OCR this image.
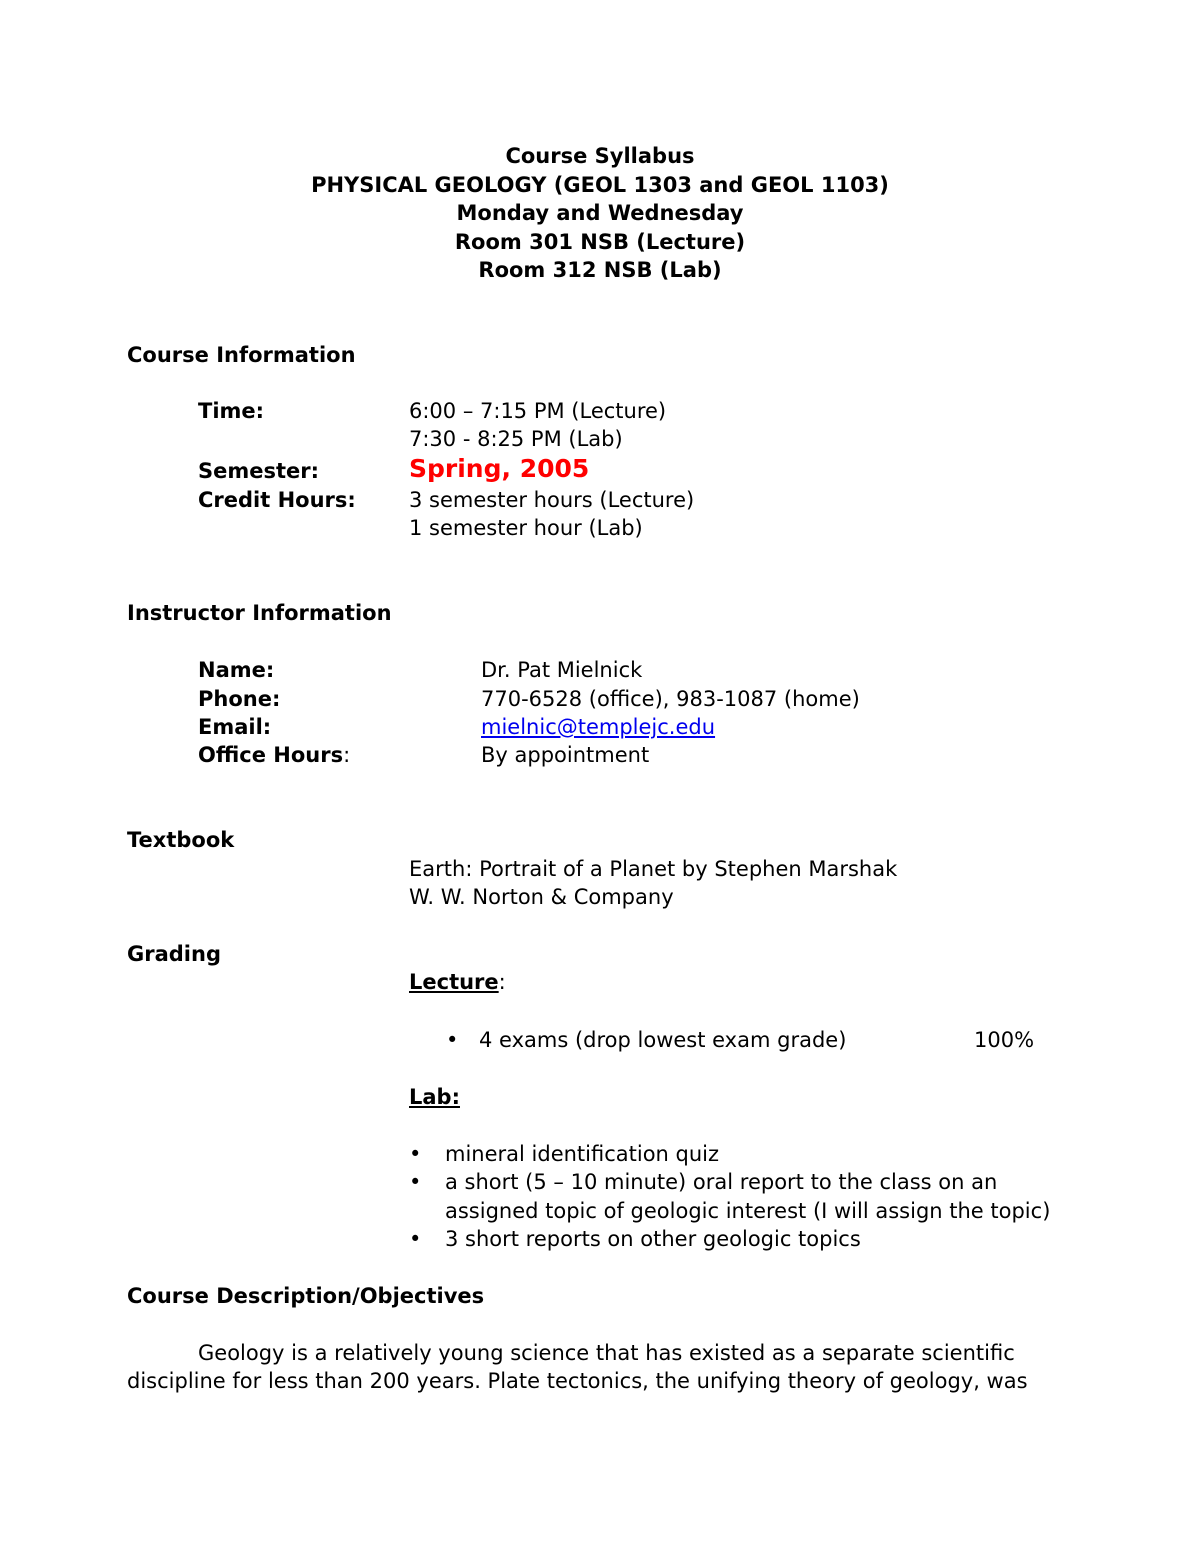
Course Syllabus
PHYSICAL GEOLOGY (GEOL 1303 and GEOL 1103)
Monday and Wednesday
Room 301 NSB (Lecture)
Room 312 NSB (Lab)
Course Information
Time:	6:00 – 7:15 PM (Lecture)
7:30 - 8:25 PM (Lab)
Semester:	Spring, 2005
Credit Hours:	3 semester hours (Lecture)
1 semester hour (Lab)
Instructor Information
Name:	Dr. Pat Mielnick
Phone:	770-6528 (office), 983-1087 (home)
Email:	mielnic@templejc.edu
Office Hours:	By appointment
Textbook
Earth: Portrait of a Planet by Stephen Marshak
W. W. Norton & Company
Grading
Lecture:
• 4 exams (drop lowest exam grade)	100%
Lab:
• mineral identification quiz
• a short (5 – 10 minute) oral report to the class on an
assigned topic of geologic interest (I will assign the topic)
• 3 short reports on other geologic topics
Course Description/Objectives
Geology is a relatively young science that has existed as a separate scientific
discipline for less than 200 years. Plate tectonics, the unifying theory of geology, was
